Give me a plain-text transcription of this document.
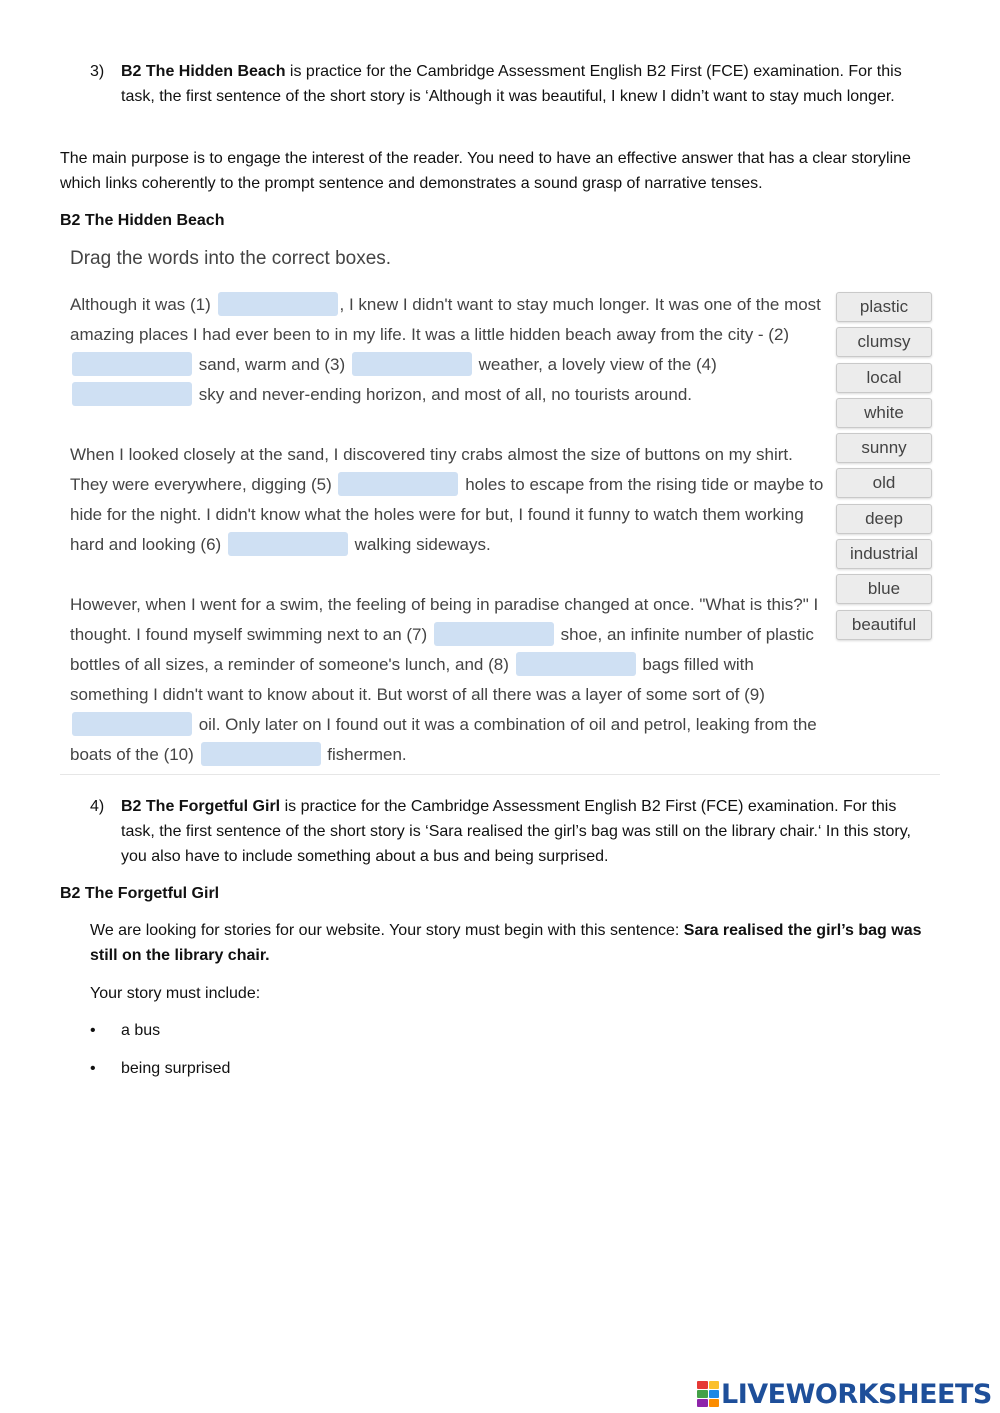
3) B2 The Hidden Beach is practice for the Cambridge Assessment English B2 First (FCE) examination. For this task, the first sentence of the short story is ‘Although it was beautiful, I knew I didn’t want to stay much longer.
The main purpose is to engage the interest of the reader. You need to have an effective answer that has a clear storyline which links coherently to the prompt sentence and demonstrates a sound grasp of narrative tenses.
B2 The Hidden Beach
Drag the words into the correct boxes.

Although it was (1)	, I knew I didn't want to stay much longer. It was one of the most amazing places I had ever been to in my life. It was a little hidden beach away from the city - (2)  sand, warm and (3)	weather, a lovely view of the (4)  sky and never-ending horizon, and most of all, no tourists around.

When I looked closely at the sand, I discovered tiny crabs almost the size of buttons on my shirt. They were everywhere, digging (5)	holes to escape from the rising tide or maybe to hide for the night. I didn't know what the holes were for but, I found it funny to watch them working hard and looking (6)	walking sideways.

However, when I went for a swim, the feeling of being in paradise changed at once. "What is this?" I thought. I found myself swimming next to an (7)	shoe, an infinite number of plastic bottles of all sizes, a reminder of someone's lunch, and (8)	bags filled with something I didn't want to know about it. But worst of all there was a layer of some sort of (9)  oil. Only later on I found out it was a combination of oil and petrol, leaking from the boats of the (10)	fishermen.

plastic
clumsy
local
white
sunny
old
deep
industrial
blue
beautiful
4) B2 The Forgetful Girl is practice for the Cambridge Assessment English B2 First (FCE) examination. For this task, the first sentence of the short story is ‘Sara realised the girl’s bag was still on the library chair.‘ In this story, you also have to include something about a bus and being surprised.
B2 The Forgetful Girl
We are looking for stories for our website. Your story must begin with this sentence: Sara realised the girl’s bag was still on the library chair.
Your story must include:
• a bus
• being surprised
LIVEWORKSHEETS
